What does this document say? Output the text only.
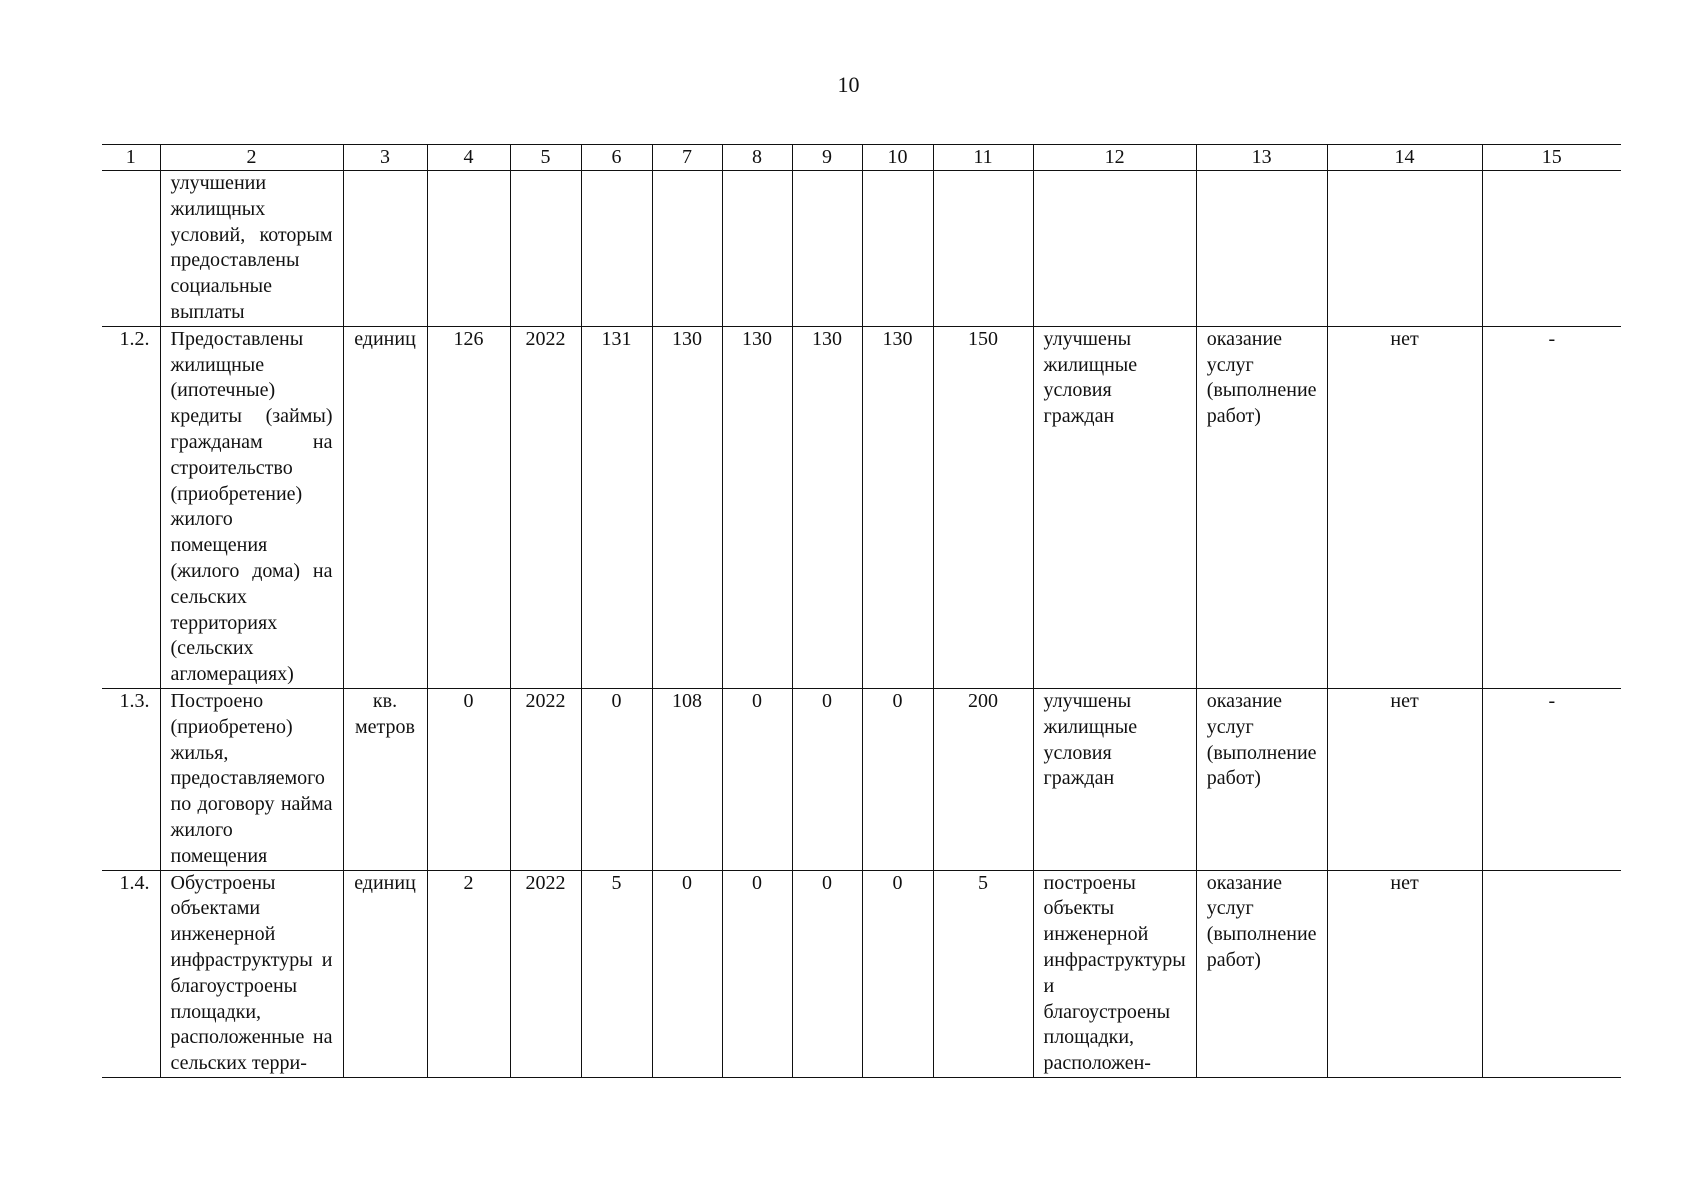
10
1	2	3	4	5	6	7	8	9	10	11	12	13	14	15
	улучшении жилищных условий, которым предоставлены социальные выплаты													
1.2.	Предоставлены жилищные (ипотечные) кредиты (займы) гражданам на строительство (приобретение) жилого помещения (жилого дома) на сельских территориях (сельских агломерациях)	единиц	126	2022	131	130	130	130	130	150	улучшены жилищные условия граждан	оказание услуг (выполнение работ)	нет	-
1.3.	Построено (приобретено) жилья, предоставляемого по договору найма жилого помещения	кв. метров	0	2022	0	108	0	0	0	200	улучшены жилищные условия граждан	оказание услуг (выполнение работ)	нет	-
1.4.	Обустроены объектами инженерной инфраструктуры и благоустроены площадки, расположенные на сельских терри-	единиц	2	2022	5	0	0	0	0	5	построены объекты инженерной инфраструктуры и благоустроены площадки, расположен-	оказание услуг (выполнение работ)	нет	
